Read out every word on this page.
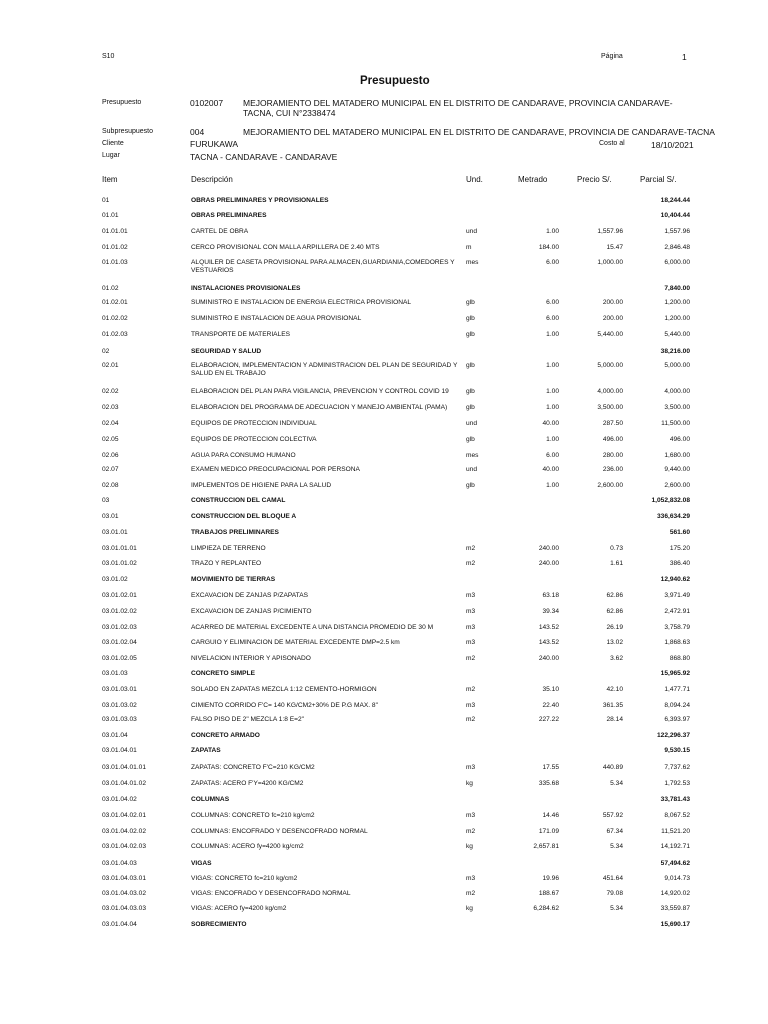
S10	Página	1
Presupuesto
Presupuesto	0102007 MEJORAMIENTO DEL MATADERO MUNICIPAL EN EL DISTRITO DE CANDARAVE, PROVINCIA CANDARAVE-TACNA, CUI N°2338474
Subpresupuesto	004	MEJORAMIENTO DEL MATADERO MUNICIPAL EN EL DISTRITO DE CANDARAVE, PROVINCIA DE CANDARAVE-TACNA
Cliente	FURUKAWA	Costo al	18/10/2021
Lugar	TACNA - CANDARAVE - CANDARAVE
Item	Descripción	Und.	Metrado	Precio S/.	Parcial S/.
01	OBRAS PRELIMINARES Y PROVISIONALES	18,244.44
01.01	OBRAS PRELIMINARES	10,404.44
01.01.01	CARTEL DE OBRA	und	1.00	1,557.96	1,557.96
01.01.02	CERCO PROVISIONAL CON MALLA ARPILLERA DE 2.40 MTS	m	184.00	15.47	2,846.48
01.01.03	ALQUILER DE CASETA PROVISIONAL PARA ALMACEN,GUARDIANIA,COMEDORES Y VESTUARIOS
mes	6.00	1,000.00	6,000.00
01.02	INSTALACIONES PROVISIONALES	7,840.00
01.02.01	SUMINISTRO E INSTALACION DE ENERGIA ELECTRICA PROVISIONAL	glb	6.00	200.00	1,200.00
01.02.02	SUMINISTRO E INSTALACION DE AGUA PROVISIONAL	glb	6.00	200.00	1,200.00
01.02.03	TRANSPORTE DE MATERIALES	glb	1.00	5,440.00	5,440.00
02	SEGURIDAD Y SALUD	38,216.00
02.01	ELABORACION, IMPLEMENTACION Y ADMINISTRACION DEL PLAN DE SEGURIDAD Y SALUD EN EL TRABAJO
glb	1.00	5,000.00	5,000.00
02.02	ELABORACION DEL PLAN PARA VIGILANCIA, PREVENCION Y CONTROL COVID 19	glb	1.00	4,000.00	4,000.00
02.03	ELABORACION DEL PROGRAMA DE ADECUACION Y MANEJO AMBIENTAL (PAMA)	glb	1.00	3,500.00	3,500.00
02.04	EQUIPOS DE PROTECCION INDIVIDUAL	und	40.00	287.50	11,500.00
02.05	EQUIPOS DE PROTECCION COLECTIVA	glb	1.00	496.00	496.00
02.06	AGUA PARA CONSUMO HUMANO	mes	6.00	280.00	1,680.00
02.07	EXAMEN MEDICO PREOCUPACIONAL POR PERSONA	und	40.00	236.00	9,440.00
02.08	IMPLEMENTOS DE HIGIENE PARA LA SALUD	glb	1.00	2,600.00	2,600.00
03	CONSTRUCCION DEL CAMAL	1,052,832.08
03.01	CONSTRUCCION DEL BLOQUE A	336,634.29
03.01.01	TRABAJOS PRELIMINARES	561.60
03.01.01.01	LIMPIEZA DE TERRENO	m2	240.00	0.73	175.20
03.01.01.02	TRAZO Y REPLANTEO	m2	240.00	1.61	386.40
03.01.02	MOVIMIENTO DE TIERRAS	12,940.62
03.01.02.01	EXCAVACION DE ZANJAS P/ZAPATAS	m3	63.18	62.86	3,971.49
03.01.02.02	EXCAVACION DE ZANJAS P/CIMIENTO	m3	39.34	62.86	2,472.91
03.01.02.03	ACARREO DE MATERIAL EXCEDENTE A UNA DISTANCIA PROMEDIO DE 30 M	m3	143.52	26.19	3,758.79
03.01.02.04	CARGUIO Y ELIMINACION DE MATERIAL EXCEDENTE DMP=2.5 km	m3	143.52	13.02	1,868.63
03.01.02.05	NIVELACION INTERIOR Y APISONADO	m2	240.00	3.62	868.80
03.01.03	CONCRETO SIMPLE	15,965.92
03.01.03.01	SOLADO EN ZAPATAS MEZCLA 1:12 CEMENTO-HORMIGON	m2	35.10	42.10	1,477.71
03.01.03.02	CIMIENTO CORRIDO F'C= 140 KG/CM2+30% DE P.G MAX. 8"	m3	22.40	361.35	8,094.24
03.01.03.03	FALSO PISO DE 2" MEZCLA 1:8 E=2"	m2	227.22	28.14	6,393.97
03.01.04	CONCRETO ARMADO	122,296.37
03.01.04.01	ZAPATAS	9,530.15
03.01.04.01.01	ZAPATAS: CONCRETO F'C=210 KG/CM2	m3	17.55	440.89	7,737.62
03.01.04.01.02	ZAPATAS: ACERO F'Y=4200 KG/CM2	kg	335.68	5.34	1,792.53
03.01.04.02	COLUMNAS	33,781.43
03.01.04.02.01	COLUMNAS: CONCRETO fc=210 kg/cm2	m3	14.46	557.92	8,067.52
03.01.04.02.02	COLUMNAS: ENCOFRADO Y DESENCOFRADO NORMAL	m2	171.09	67.34	11,521.20
03.01.04.02.03	COLUMNAS: ACERO fy=4200 kg/cm2	kg	2,657.81	5.34	14,192.71
03.01.04.03	VIGAS	57,494.62
03.01.04.03.01	VIGAS: CONCRETO fc=210 kg/cm2	m3	19.96	451.64	9,014.73
03.01.04.03.02	VIGAS: ENCOFRADO Y DESENCOFRADO NORMAL	m2	188.67	79.08	14,920.02
03.01.04.03.03	VIGAS: ACERO fy=4200 kg/cm2	kg	6,284.62	5.34	33,559.87
03.01.04.04	SOBRECIMIENTO	15,690.17
